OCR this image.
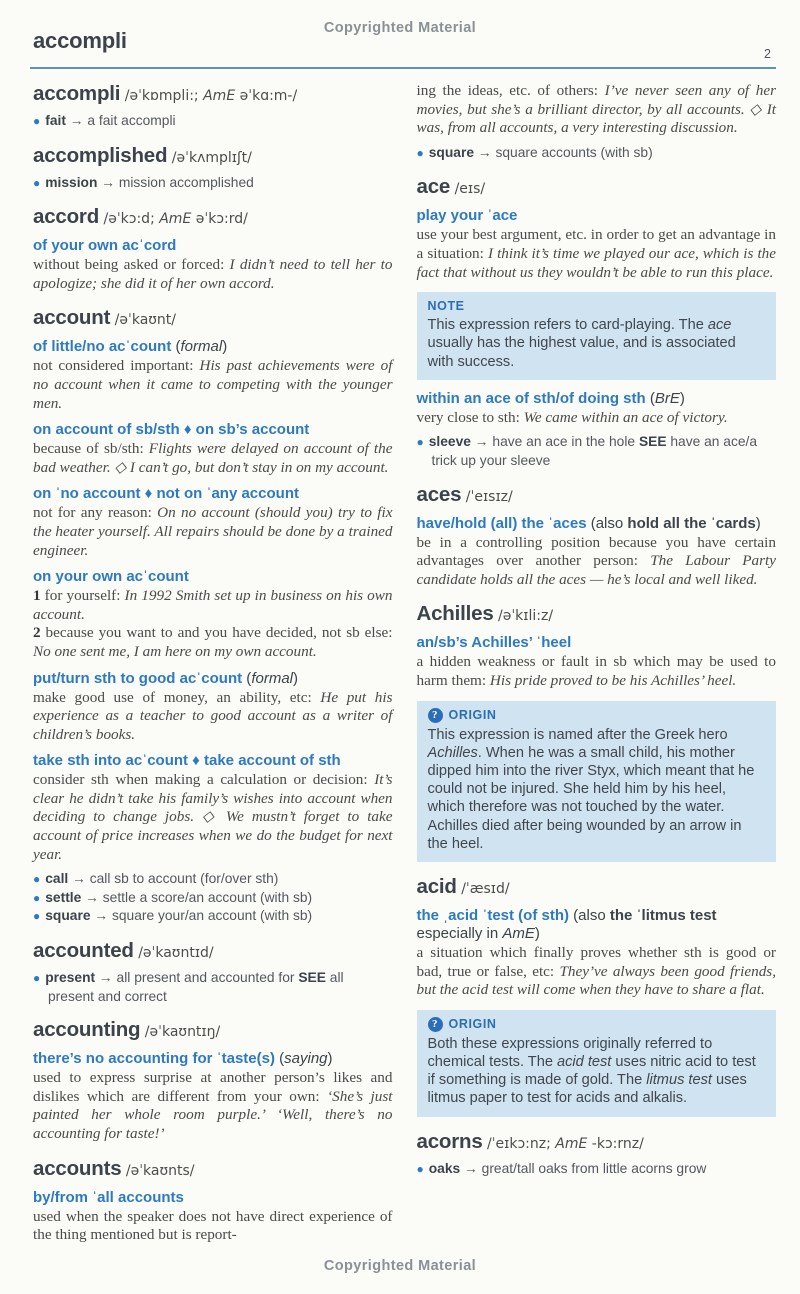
Copyrighted Material
accompli
2
accompli /əˈkɒmpli:; AmE əˈkɑ:m-/
● fait → a fait accompli
accomplished /əˈkʌmplɪʃt/
● mission → mission accomplished
accord /əˈkɔ:d; AmE əˈkɔ:rd/
of your own acˈcord
without being asked or forced: I didn’t need to tell her to apologize; she did it of her own accord.
account /əˈkaʊnt/
of little/no acˈcount (formal)
not considered important: His past achievements were of no account when it came to competing with the younger men.
on account of sb/sth ♦ on sb’s account
because of sb/sth: Flights were delayed on account of the bad weather. ◇ I can’t go, but don’t stay in on my account.
on ˈno account ♦ not on ˈany account
not for any reason: On no account (should you) try to fix the heater yourself. All repairs should be done by a trained engineer.
on your own acˈcount
1 for yourself: In 1992 Smith set up in business on his own account.
2 because you want to and you have decided, not sb else: No one sent me, I am here on my own account.
put/turn sth to good acˈcount (formal)
make good use of money, an ability, etc: He put his experience as a teacher to good account as a writer of children’s books.
take sth into acˈcount ♦ take account of sth
consider sth when making a calculation or decision: It’s clear he didn’t take his family’s wishes into account when deciding to change jobs. ◇ We mustn’t forget to take account of price increases when we do the budget for next year.
● call → call sb to account (for/over sth)
● settle → settle a score/an account (with sb)
● square → square your/an account (with sb)
accounted /əˈkaʊntɪd/
● present → all present and accounted for SEE all present and correct
accounting /əˈkaʊntɪŋ/
there’s no accounting for ˈtaste(s) (saying)
used to express surprise at another person’s likes and dislikes which are different from your own: ‘She’s just painted her whole room purple.’ ‘Well, there’s no accounting for taste!’
accounts /əˈkaʊnts/
by/from ˈall accounts
used when the speaker does not have direct experience of the thing mentioned but is report-
ing the ideas, etc. of others: I’ve never seen any of her movies, but she’s a brilliant director, by all accounts. ◇ It was, from all accounts, a very interesting discussion.
● square → square accounts (with sb)
ace /eɪs/
play your ˈace
use your best argument, etc. in order to get an advantage in a situation: I think it’s time we played our ace, which is the fact that without us they wouldn’t be able to run this place.
NOTE
This expression refers to card-playing. The ace usually has the highest value, and is associated with success.
within an ace of sth/of doing sth (BrE)
very close to sth: We came within an ace of victory.
● sleeve → have an ace in the hole SEE have an ace/a trick up your sleeve
aces /ˈeɪsɪz/
have/hold (all) the ˈaces (also hold all the ˈcards)
be in a controlling position because you have certain advantages over another person: The Labour Party candidate holds all the aces — he’s local and well liked.
Achilles /əˈkɪli:z/
an/sb’s Achilles’ ˈheel
a hidden weakness or fault in sb which may be used to harm them: His pride proved to be his Achilles’ heel.
? ORIGIN
This expression is named after the Greek hero Achilles. When he was a small child, his mother dipped him into the river Styx, which meant that he could not be injured. She held him by his heel, which therefore was not touched by the water. Achilles died after being wounded by an arrow in the heel.
acid /ˈæsɪd/
the ˌacid ˈtest (of sth) (also the ˈlitmus test especially in AmE)
a situation which finally proves whether sth is good or bad, true or false, etc: They’ve always been good friends, but the acid test will come when they have to share a flat.
? ORIGIN
Both these expressions originally referred to chemical tests. The acid test uses nitric acid to test if something is made of gold. The litmus test uses litmus paper to test for acids and alkalis.
acorns /ˈeɪkɔ:nz; AmE -kɔ:rnz/
● oaks → great/tall oaks from little acorns grow
Copyrighted Material
